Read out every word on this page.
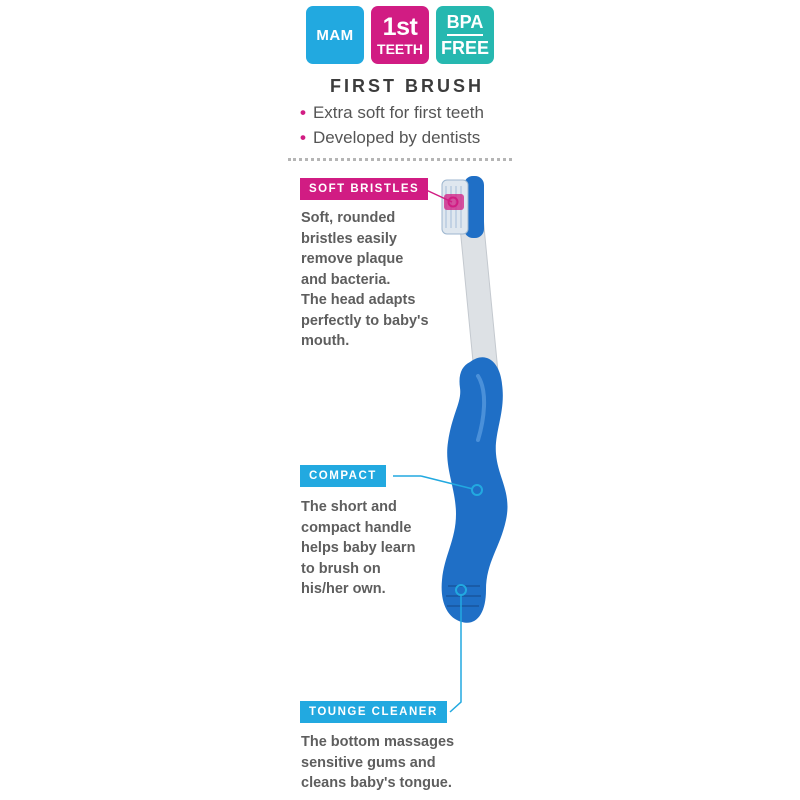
MAM 1st
TEETH
BPA
FREE
FIRST BRUSH
• Extra soft for first teeth
• Developed by dentists
SOFT BRISTLES
Soft, rounded
bristles easily
remove plaque
and bacteria.
The head adapts
perfectly to baby's
mouth.
COMPACT
The short and
compact handle
helps baby learn
to brush on
his/her own.
TOUNGE CLEANER
The bottom massages
sensitive gums and
cleans baby's tongue.
